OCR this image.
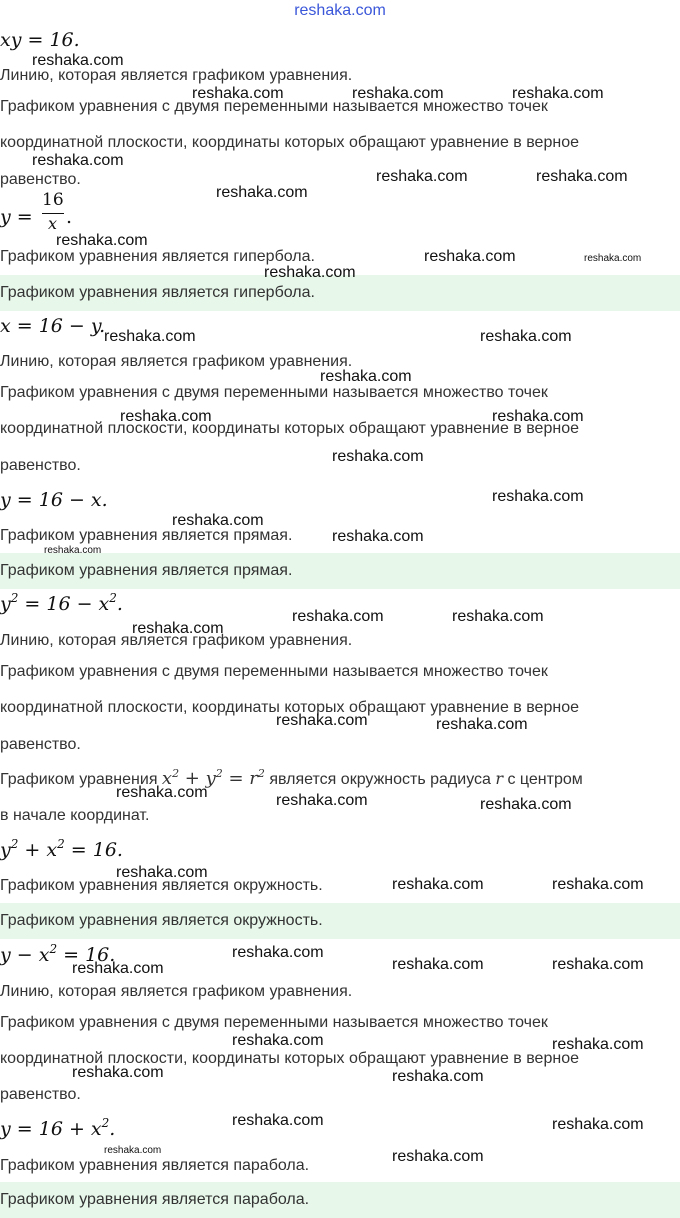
reshaka.com
xy = 16.
Линию, которая является графиком уравнения.
Графиком уравнения с двумя переменными называется множество точек
координатной плоскости, координаты которых обращают уравнение в верное
равенство.
y =
16
x .
Графиком уравнения является гипербола.
Графиком уравнения является гипербола.
x = 16 − y.
Линию, которая является графиком уравнения.
Графиком уравнения с двумя переменными называется множество точек
координатной плоскости, координаты которых обращают уравнение в верное
равенство.
y = 16 − x.
Графиком уравнения является прямая.
Графиком уравнения является прямая.
$y^2 = 16 - x^2$.
Линию, которая является графиком уравнения.
Графиком уравнения с двумя переменными называется множество точек
координатной плоскости, координаты которых обращают уравнение в верное
равенство.
Графиком уравнения $x^2 + y^2 = r^2$ является окружность радиуса r с центром
в начале координат.
$y^2 + x^2 = 16$.
Графиком уравнения является окружность.
Графиком уравнения является окружность.
$y - x^2 = 16$.
Линию, которая является графиком уравнения.
Графиком уравнения с двумя переменными называется множество точек
координатной плоскости, координаты которых обращают уравнение в верное
равенство.
$y = 16 + x^2$.
Графиком уравнения является парабола.
Графиком уравнения является парабола.
reshaka.com
reshaka.com	reshaka.com	reshaka.com
reshaka.com
reshaka.com	reshaka.com
reshaka.com
reshaka.com
reshaka.com	reshaka.com
reshaka.com
reshaka.com	reshaka.com
reshaka.com
reshaka.com	reshaka.com
reshaka.com
reshaka.com
reshaka.com
reshaka.com
reshaka.com
reshaka.com	reshaka.com
reshaka.com
reshaka.com	reshaka.com
reshaka.com	reshaka.com	reshaka.com
reshaka.com
reshaka.com	reshaka.com
reshaka.com
reshaka.com	reshaka.com	reshaka.com
reshaka.com	reshaka.com
reshaka.com	reshaka.com
reshaka.com	reshaka.com
reshaka.com	reshaka.com
